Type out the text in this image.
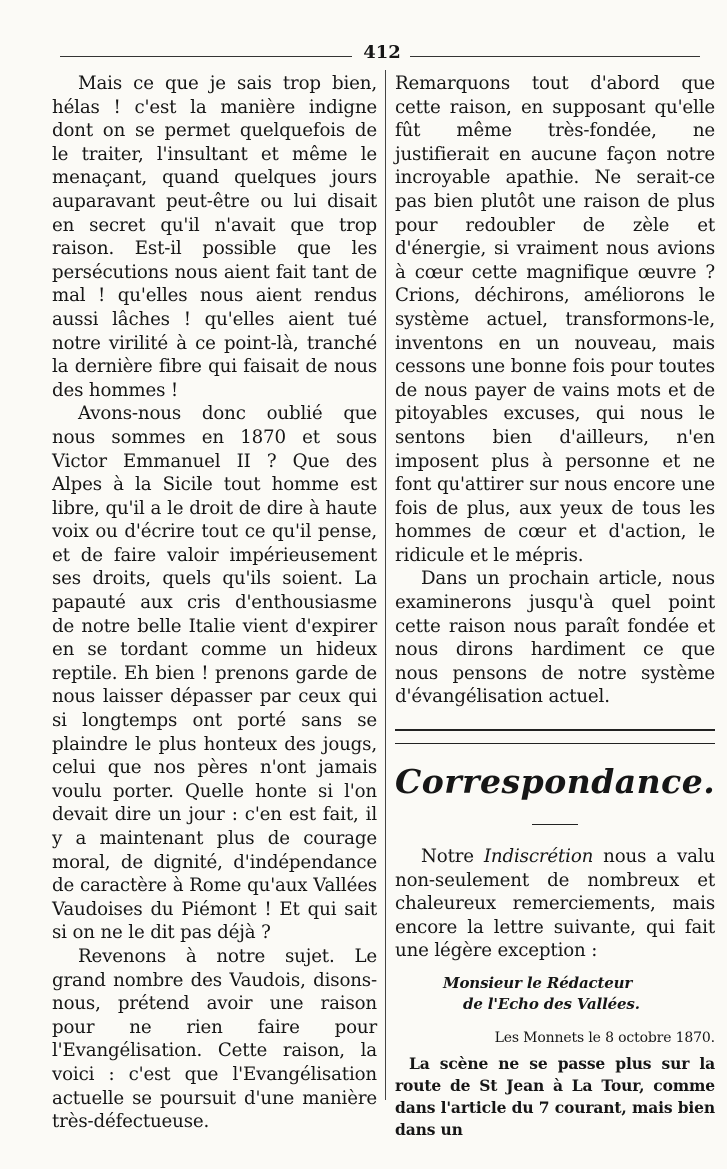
412

Mais ce que je sais trop bien, hélas ! c'est la manière indigne dont on se permet quelquefois de le traiter, l'insultant et même le menaçant, quand quelques jours auparavant peut-être ou lui disait en secret qu'il n'avait que trop raison. Est-il possible que les persécutions nous aient fait tant de mal ! qu'elles nous aient rendus aussi lâches ! qu'elles aient tué notre virilité à ce point-là, tranché la dernière fibre qui faisait de nous des hommes !

Avons-nous donc oublié que nous sommes en 1870 et sous Victor Emmanuel II ? Que des Alpes à la Sicile tout homme est libre, qu'il a le droit de dire à haute voix ou d'écrire tout ce qu'il pense, et de faire valoir impérieusement ses droits, quels qu'ils soient. La papauté aux cris d'enthousiasme de notre belle Italie vient d'expirer en se tordant comme un hideux reptile. Eh bien ! prenons garde de nous laisser dépasser par ceux qui si longtemps ont porté sans se plaindre le plus honteux des jougs, celui que nos pères n'ont jamais voulu porter. Quelle honte si l'on devait dire un jour : c'en est fait, il y a maintenant plus de courage moral, de dignité, d'indépendance de caractère à Rome qu'aux Vallées Vaudoises du Piémont ! Et qui sait si on ne le dit pas déjà ?

Revenons à notre sujet. Le grand nombre des Vaudois, disons-nous, prétend avoir une raison pour ne rien faire pour l'Evangélisation. Cette raison, la voici : c'est que l'Evangélisation actuelle se poursuit d'une manière très-défectueuse.

Remarquons tout d'abord que cette raison, en supposant qu'elle fût même très-fondée, ne justifierait en aucune façon notre incroyable apathie. Ne serait-ce pas bien plutôt une raison de plus pour redoubler de zèle et d'énergie, si vraiment nous avions à cœur cette magnifique œuvre ? Crions, déchirons, améliorons le système actuel, transformons-le, inventons en un nouveau, mais cessons une bonne fois pour toutes de nous payer de vains mots et de pitoyables excuses, qui nous le sentons bien d'ailleurs, n'en imposent plus à personne et ne font qu'attirer sur nous encore une fois de plus, aux yeux de tous les hommes de cœur et d'action, le ridicule et le mépris.

Dans un prochain article, nous examinerons jusqu'à quel point cette raison nous paraît fondée et nous dirons hardiment ce que nous pensons de notre système d'évangélisation actuel.

Correspondance.

Notre Indiscrétion nous a valu non-seulement de nombreux et chaleureux remerciements, mais encore la lettre suivante, qui fait une légère exception :

Monsieur le Rédacteur
de l'Echo des Vallées.
Les Monnets le 8 octobre 1870.

La scène ne se passe plus sur la route de St Jean à La Tour, comme dans l'article du 7 courant, mais bien dans un
